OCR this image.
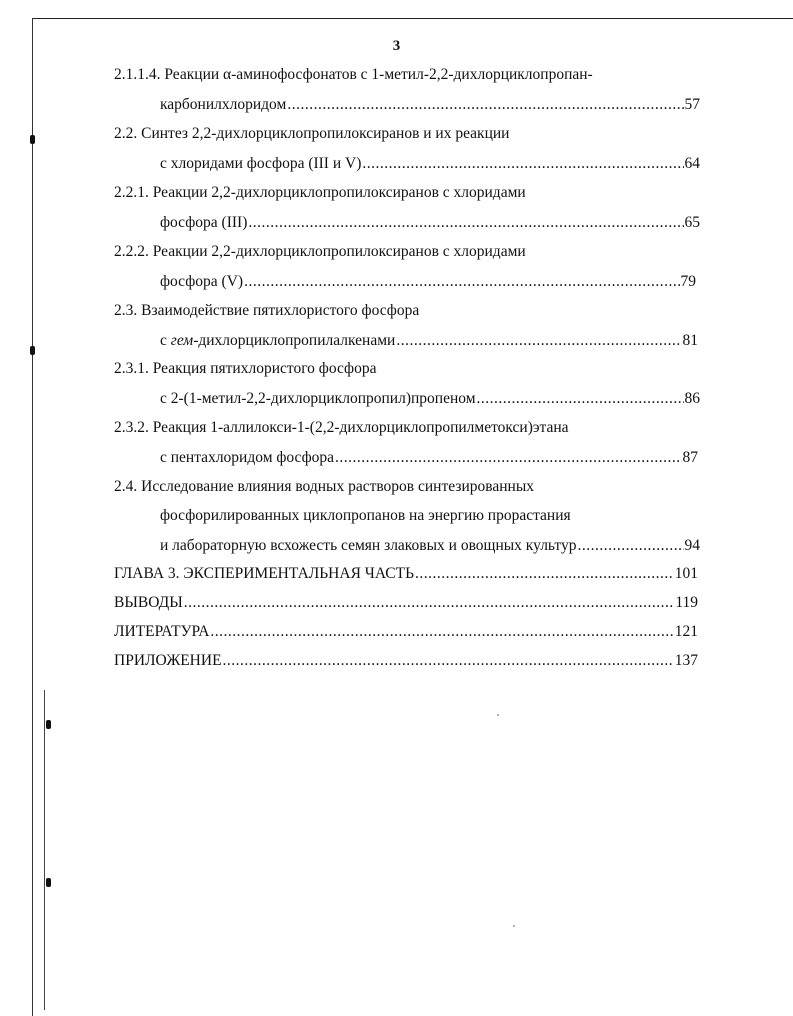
3
2.1.1.4. Реакции α-аминофосфонатов с 1-метил-2,2-дихлорциклопропан-
карбонилхлоридом .....	57
2.2. Синтез 2,2-дихлорциклопропилоксиранов и их реакции
с хлоридами фосфора (III и V) .....	64
2.2.1. Реакции 2,2-дихлорциклопропилоксиранов с хлоридами
фосфора (III) .....	65
2.2.2. Реакции 2,2-дихлорциклопропилоксиранов с хлоридами
фосфора (V) .....	79
2.3. Взаимодействие пятихлористого фосфора
с гем-дихлорциклопропилалкенами .....	81
2.3.1. Реакция пятихлористого фосфора
с 2-(1-метил-2,2-дихлорциклопропил)пропеном .....	86
2.3.2. Реакция 1-аллилокси-1-(2,2-дихлорциклопропилметокси)этана
с пентахлоридом фосфора .....	87
2.4. Исследование влияния водных растворов синтезированных
фосфорилированных циклопропанов на энергию прорастания
и лабораторную всхожесть семян злаковых и овощных культур .....	94
ГЛАВА 3. ЭКСПЕРИМЕНТАЛЬНАЯ ЧАСТЬ .....	101
ВЫВОДЫ .....	119
ЛИТЕРАТУРА .....	121
ПРИЛОЖЕНИЕ .....	137
